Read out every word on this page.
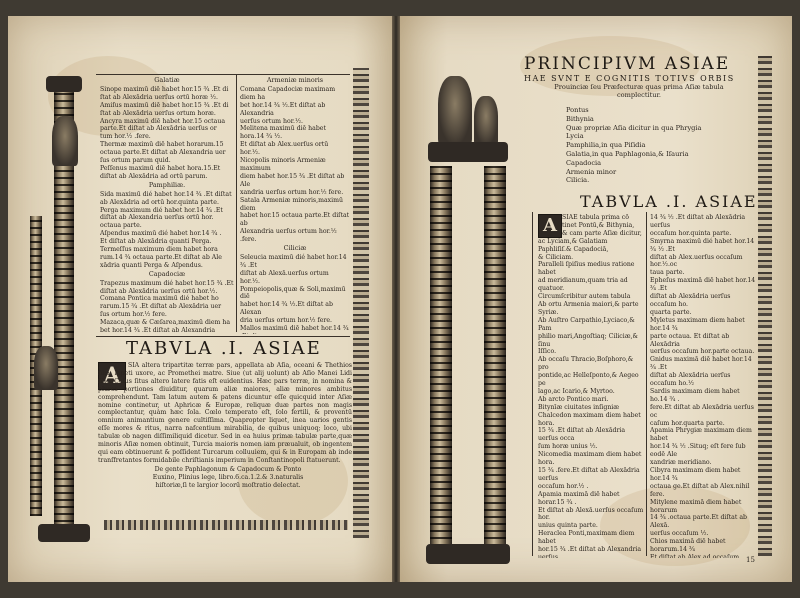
Galatiæ

Sinope maximū diē habet hor.15 ¾ .Et di

ſtat ab Alexādria uerſus ortū horæ ½.

Amiſus maximū diē habet hor.15 ¾ .Et di

ſtat ab Alexādria uerſus ortum horæ.

Ancyra maximū diē habet hor.15 octaua

parte.Et diſtat ab Alexādria uerſus or

tum hor.½ .fere.

Thermæ maximū diē habet horarum.15

octaua parte.Et diſtat ab Alexandria uer

ſus ortum parum quid.

Peſſenus maximū diē habet hora.15.Et

diſtat ab Alexādria ad ortū parum.

Pamphiliæ.

Sida maximū dié habet hor.14 ¾ .Et diſtat

ab Alexādria ad ortū hor.quinta parte.

Perga maximum dié habet hor.14 ¾ .Et

diſtat ab Alexandria uerſus ortū hor.

octaua parte.

Aſpendus maximū dié habet hor.14 ¾ .

Et diſtat ab Alexādria quanti Perga.

Termeſſus maximum diem habet hora

rum.14 ¾ octaua parte.Et diſtat ab Ale

xādria quanti Perga & Aſpendus.

Capadociæ

Trapezus maximum dié habet hor.15 ¾ .Et

diſtat ab Alexādria uerſus ortū hor.½.

Comana Pontica maximū dié habet ho

rarum.15 ¾ .Et diſtat ab Alexādria uer

ſus ortum hor.½ fere.

Mazaca,quæ & Cæſarea,maximū diem ha

bet hor.14 ¾ .Et diſtat ab Alexandria

Armeniæ minoris

Comana Capadociæ maximam diem ha

bet hor.14 ¾ ½.Et diſtat ab Alexandria

uerſus ortum hor.½.

Melitena maximū diē habet hora.14 ¾ ½.

Et diſtat ab Alex.uerſus ortū hor.½.

Nicopolis minoris Armeniæ maximum

diem habet hor.15 ¾ .Et diſtat ab Ale

xandria uerſus ortum hor.½ fere.

Satala Armeniæ minoris,maximū diem

habet hor.15 octaua parte.Et diſtat ab

Alexandria uerſus ortum hor.½ .fere.

Ciliciæ

Seleucia maximū dié habet hor.14 ¾ .Et

diſtat ab Alexā.uerſus ortum hor.½.

Pompeiopolis,quæ & Soli,maximū diē

habet hor.14 ¾ ½.Et diſtat ab Alexan

dria uerſus ortum hor.½ fere.

Mallos maximū diē habet hor.14 ¾

TABVLA .I. ASIAE
A	SIA altera tripartitæ terræ pars, appellata ab Aſia, oceani & Thethios filia, Iapeti uxore, ac Promethei matre. Siue (ut alij uolunt) ab Aſio Manei Lidi filio. Cuius ſitus altero latere fatis eſt euidentius. Hæc pars terræ, in nomina & plures portiones diuiditur, quarum aliæ maiores, aliæ minores ambitus comprehendunt. Tam latum autem & patens dicuntur eſſe quicquid inter Aſiæ nomine continetur, ut Aphricæ & Europæ, reliquæ duæ partes non magis complectantur, quàm hæc ſola. Cœlo temperato eſt, ſolo fertili, & proventū omnium animantium genere cultiſſima. Quapropter liquet, inea uarios gentis eſſe mores & ritus, narra nafcentium mirabilia, de quibus uniquoq; loco, ubi tabulæ ob nagen diſſimiliquid dicetur. Sed in ea huius primæ tabulæ parte,quæ minoris Aſiæ nomen obtinuit, Turcia maioris nomen iam præualuit, ob ingentem qui eam obtinuerunt & poſſident Turcarum colluuiem, qui & in Europam ab inde tranſfretantes formidabile chriſtianis imperium in Conſtantinopoli ſtatuerunt.

De gente Paphlagonum & Capadocum & Ponto

Euxino, Plinius lege, libro.6.ca.1.2.& 3.naturalis

hiſtoriæ,ſi te largior locorū moſtratio delectat.

PRINCIPIVM ASIAE
HAE SVNT E COGNITIS TOTIVS ORBIS

Prouinciæ ſeu Præfecturæ quas prima Aſiæ tabula

complectitur.

Pontus

Bithynia

Quæ propriæ Aſia dicitur in qua Phrygia

Lycia

Pamphilia,in qua Piſidia

Galatia,in qua Paphlagonia,& Iſauria

Capadocia

Armenia minor

Cilicia.

TABVLA .I. ASIAE
A SIAE tabula prima cō

tinet Pontū,& Bithynia,

& cam parte Aſiæ dicitur,

ac Lyciam,& Galatiam

Paphliſiſ.& Capadociā,

& Ciliciam.

Paralleli ſpiſius medius ratione habet

ad meridianum,quam tria ad quatuor.

Circumſcribitur autem tabula

Ab ortu Armenia maiori,& parte Syriæ.

Ab Auſtro Carpathio,Lyciaco,& Pam

philio mari,Angoſtiaq; Ciliciæ,& ſinu

Iſſico.

Ab occaſu Thracio,Boſphoro,& pro

pontide,ac Helleſponto,& Aegeo pe

lago,ac Icario,& Myrtoo.

Ab arcto Pontico mari.

Bitynīæ ciuitates inſigniæ

Chalcedon maximam diem habet hora.

15 ¾ .Et diſtat ab Alexādria uerſus occa

ſum horæ unius ½.

Nicomedia maximam diem habet hora.

15 ¾ .fere.Et diſtat ab Alexādria uerſus

occaſum hor.½ .

Apamia maximā diē habet horar.15 ¾ .

Et diſtat ab Alexā.uerſus occaſum hor.

unius quinta parte.

Heraclea Ponti,maximam diem habet

hor.15 ¾ .Et diſtat ab Alexandria uerſus

14 ¾ ½ .Et diſtat ab Alexādria uerſus

occaſum hor.quinta parte.

Smyrna maximū dié habet hor.14 ¾ ½ .Et

diſtat ab Alex.uerſus occaſum hor.½.oc

taua parte.

Epheſus maximā diē habet hor.14 ¾ .Et

diſtat ab Alexādria uerſus occaſum ho.

quarta parte.

Myletus maximam diem habet hor.14 ¾

parte octaua. Et diſtat ab Alexādria

uerſus occaſum hor.parte octaua.

Gnidus maximā diē habet hor.14 ¾ .Et

diſtat ab Alexādria uerſus occaſum ho.½

Sardis maximam diem habet ho.14 ¾ .

fere.Et diſtat ab Alexādria uerſus oc

caſum hor.quarta parte.

Apamia Phrygiæ maximam diem habet

hor.14 ¾ ½ .Situq; eſt fere ſub eodē Ale

xandriæ meridiano.

Cibyra maximam diem habet hor.14 ¾

octaua ge.Et diſtat ab Alex.nihil fere.

Mitylene maximā diem habet horarum

14 ¾ .octaua parte.Et diſtat ab Alexā.

uerſus occaſum ½.

Chios maximā diē habet horarum.14 ¾

Et diſtat ab Alex.ad occaſum 15
